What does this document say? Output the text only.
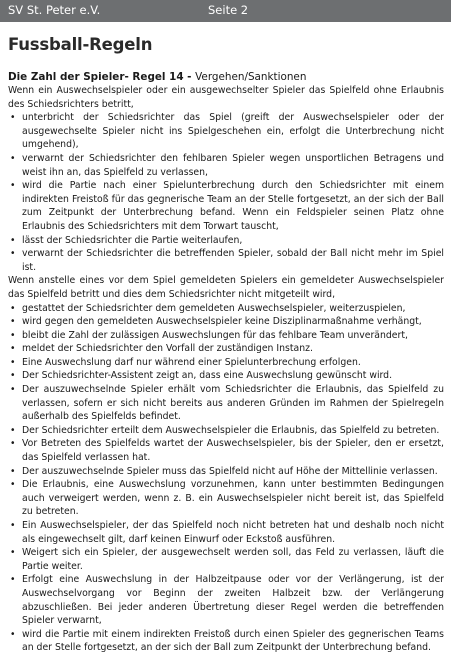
SV St. Peter e.V.	Seite 2
Fussball-Regeln
Die Zahl der Spieler- Regel 14 - Vergehen/Sanktionen

Wenn ein Auswechselspieler oder ein ausgewechselter Spieler das Spielfeld ohne Erlaubnis des Schiedsrichters betritt,

• unterbricht der Schiedsrichter das Spiel (greift der Auswechselspieler oder der ausgewechselte Spieler nicht ins Spielgeschehen ein, erfolgt die Unterbrechung nicht umgehend),
• verwarnt der Schiedsrichter den fehlbaren Spieler wegen unsportlichen Betragens und weist ihn an, das Spielfeld zu verlassen,
• wird die Partie nach einer Spielunterbrechung durch den Schiedsrichter mit einem indirekten Freistoß für das gegnerische Team an der Stelle fortgesetzt, an der sich der Ball zum Zeitpunkt der Unterbrechung befand. Wenn ein Feldspieler seinen Platz ohne Erlaubnis des Schiedsrichters mit dem Torwart tauscht,
• lässt der Schiedsrichter die Partie weiterlaufen,
• verwarnt der Schiedsrichter die betreffenden Spieler, sobald der Ball nicht mehr im Spiel ist.

Wenn anstelle eines vor dem Spiel gemeldeten Spielers ein gemeldeter Auswechselspieler das Spielfeld betritt und dies dem Schiedsrichter nicht mitgeteilt wird,

• gestattet der Schiedsrichter dem gemeldeten Auswechselspieler, weiterzuspielen,
• wird gegen den gemeldeten Auswechselspieler keine Disziplinarmaßnahme verhängt,
• bleibt die Zahl der zulässigen Auswechslungen für das fehlbare Team unverändert,
• meldet der Schiedsrichter den Vorfall der zuständigen Instanz.
• Eine Auswechslung darf nur während einer Spielunterbrechung erfolgen.
• Der Schiedsrichter-Assistent zeigt an, dass eine Auswechslung gewünscht wird.
• Der auszuwechselnde Spieler erhält vom Schiedsrichter die Erlaubnis, das Spielfeld zu verlassen, sofern er sich nicht bereits aus anderen Gründen im Rahmen der Spielregeln außerhalb des Spielfelds befindet.
• Der Schiedsrichter erteilt dem Auswechselspieler die Erlaubnis, das Spielfeld zu betreten.
• Vor Betreten des Spielfelds wartet der Auswechselspieler, bis der Spieler, den er ersetzt, das Spielfeld verlassen hat.
• Der auszuwechselnde Spieler muss das Spielfeld nicht auf Höhe der Mittellinie verlassen.
• Die Erlaubnis, eine Auswechslung vorzunehmen, kann unter bestimmten Bedingungen auch verweigert werden, wenn z. B. ein Auswechselspieler nicht bereit ist, das Spielfeld zu betreten.
• Ein Auswechselspieler, der das Spielfeld noch nicht betreten hat und deshalb noch nicht als eingewechselt gilt, darf keinen Einwurf oder Eckstoß ausführen.
• Weigert sich ein Spieler, der ausgewechselt werden soll, das Feld zu verlassen, läuft die Partie weiter.
• Erfolgt eine Auswechslung in der Halbzeitpause oder vor der Verlängerung, ist der Auswechselvorgang vor Beginn der zweiten Halbzeit bzw. der Verlängerung abzuschließen. Bei jeder anderen Übertretung dieser Regel werden die betreffenden Spieler verwarnt,
• wird die Partie mit einem indirekten Freistoß durch einen Spieler des gegnerischen Teams an der Stelle fortgesetzt, an der sich der Ball zum Zeitpunkt der Unterbrechung befand.
